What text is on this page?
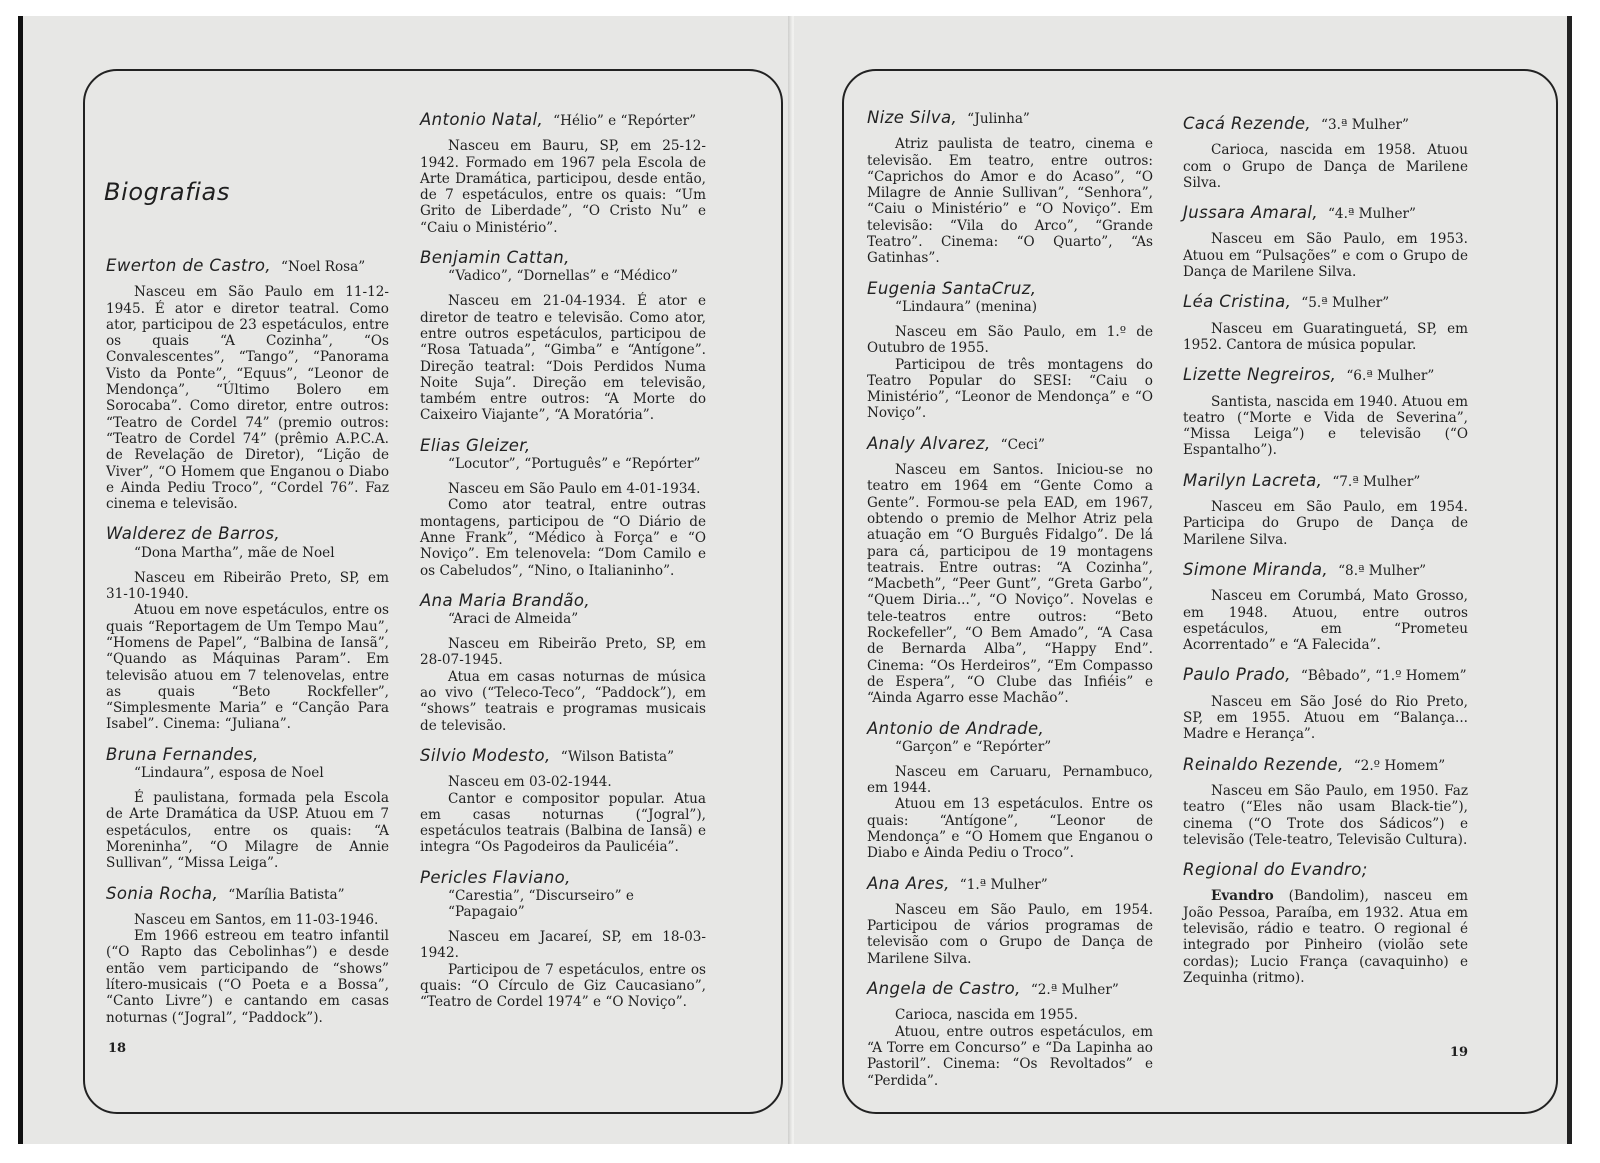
Biografias
Ewerton de Castro, “Noel Rosa”

Nasceu em São Paulo em 11-12-1945. É ator e diretor teatral. Como ator, participou de 23 espetáculos, entre os quais “A Cozinha”, “Os Convalescentes”, “Tango”, “Panorama Visto da Ponte”, “Equus”, “Leonor de Mendonça”, “Último Bolero em Sorocaba”. Como diretor, entre outros: “Teatro de Cordel 74” (premio outros: “Teatro de Cordel 74” (prêmio A.P.C.A. de Revelação de Diretor), “Lição de Viver”, “O Homem que Enganou o Diabo e Ainda Pediu Troco”, “Cordel 76”. Faz cinema e televisão.

Walderez de Barros,
“Dona Martha”, mãe de Noel

Nasceu em Ribeirão Preto, SP, em 31-10-1940.

Atuou em nove espetáculos, entre os quais “Reportagem de Um Tempo Mau”, “Homens de Papel”, “Balbina de Iansã”, “Quando as Máquinas Param”. Em televisão atuou em 7 telenovelas, entre as quais “Beto Rockfeller”, “Simplesmente Maria” e “Canção Para Isabel”. Cinema: “Juliana”.

Bruna Fernandes,
“Lindaura”, esposa de Noel

É paulistana, formada pela Escola de Arte Dramática da USP. Atuou em 7 espetáculos, entre os quais: “A Moreninha”, “O Milagre de Annie Sullivan”, “Missa Leiga”.

Sonia Rocha, “Marília Batista”

Nasceu em Santos, em 11-03-1946.

Em 1966 estreou em teatro infantil (“O Rapto das Cebolinhas”) e desde então vem participando de “shows” lítero-musicais (“O Poeta e a Bossa”, “Canto Livre”) e cantando em casas noturnas (“Jogral”, “Paddock”).

Antonio Natal, “Hélio” e “Repórter”

Nasceu em Bauru, SP, em 25-12-1942. Formado em 1967 pela Escola de Arte Dramática, participou, desde então, de 7 espetáculos, entre os quais: “Um Grito de Liberdade”, “O Cristo Nu” e “Caiu o Ministério”.

Benjamin Cattan,
“Vadico”, “Dornellas” e “Médico”

Nasceu em 21-04-1934. É ator e diretor de teatro e televisão. Como ator, entre outros espetáculos, participou de “Rosa Tatuada”, “Gimba” e “Antígone”. Direção teatral: “Dois Perdidos Numa Noite Suja”. Direção em televisão, também entre outros: “A Morte do Caixeiro Viajante”, “A Moratória”.

Elias Gleizer,
“Locutor”, “Português” e “Repórter”

Nasceu em São Paulo em 4-01-1934.

Como ator teatral, entre outras montagens, participou de “O Diário de Anne Frank”, “Médico à Força” e “O Noviço”. Em telenovela: “Dom Camilo e os Cabeludos”, “Nino, o Italianinho”.

Ana Maria Brandão,
“Araci de Almeida”

Nasceu em Ribeirão Preto, SP, em 28-07-1945.

Atua em casas noturnas de música ao vivo (“Teleco-Teco”, “Paddock”), em “shows” teatrais e programas musicais de televisão.

Silvio Modesto, “Wilson Batista”

Nasceu em 03-02-1944.

Cantor e compositor popular. Atua em casas noturnas (“Jogral”), espetáculos teatrais (Balbina de Iansã) e integra “Os Pagodeiros da Paulicéia”.

Pericles Flaviano,
“Carestia”, “Discurseiro” e “Papagaio”

Nasceu em Jacareí, SP, em 18-03-1942.

Participou de 7 espetáculos, entre os quais: “O Círculo de Giz Caucasiano”, “Teatro de Cordel 1974” e “O Noviço”.

Nize Silva, “Julinha”

Atriz paulista de teatro, cinema e televisão. Em teatro, entre outros: “Caprichos do Amor e do Acaso”, “O Milagre de Annie Sullivan”, “Senhora”, “Caiu o Ministério” e “O Noviço”. Em televisão: “Vila do Arco”, “Grande Teatro”. Cinema: “O Quarto”, “As Gatinhas”.

Eugenia SantaCruz,
“Lindaura” (menina)

Nasceu em São Paulo, em 1.º de Outubro de 1955.

Participou de três montagens do Teatro Popular do SESI: “Caiu o Ministério”, “Leonor de Mendonça” e “O Noviço”.

Analy Alvarez, “Ceci”

Nasceu em Santos. Iniciou-se no teatro em 1964 em “Gente Como a Gente”. Formou-se pela EAD, em 1967, obtendo o premio de Melhor Atriz pela atuação em “O Burguês Fidalgo”. De lá para cá, participou de 19 montagens teatrais. Entre outras: “A Cozinha”, “Macbeth”, “Peer Gunt”, “Greta Garbo”, “Quem Diria...”, “O Noviço”. Novelas e tele-teatros entre outros: “Beto Rockefeller”, “O Bem Amado”, “A Casa de Bernarda Alba”, “Happy End”. Cinema: “Os Herdeiros”, “Em Compasso de Espera”, “O Clube das Infiéis” e “Ainda Agarro esse Machão”.

Antonio de Andrade,
“Garçon” e “Repórter”

Nasceu em Caruaru, Pernambuco, em 1944.

Atuou em 13 espetáculos. Entre os quais: “Antígone”, “Leonor de Mendonça” e “O Homem que Enganou o Diabo e Ainda Pediu o Troco”.

Ana Ares, “1.ª Mulher”

Nasceu em São Paulo, em 1954. Participou de vários programas de televisão com o Grupo de Dança de Marilene Silva.

Angela de Castro, “2.ª Mulher”

Carioca, nascida em 1955.

Atuou, entre outros espetáculos, em “A Torre em Concurso” e “Da Lapinha ao Pastoril”. Cinema: “Os Revoltados” e “Perdida”.

Cacá Rezende, “3.ª Mulher”

Carioca, nascida em 1958. Atuou com o Grupo de Dança de Marilene Silva.

Jussara Amaral, “4.ª Mulher”

Nasceu em São Paulo, em 1953. Atuou em “Pulsações” e com o Grupo de Dança de Marilene Silva.

Léa Cristina, “5.ª Mulher”

Nasceu em Guaratinguetá, SP, em 1952. Cantora de música popular.

Lizette Negreiros, “6.ª Mulher”

Santista, nascida em 1940. Atuou em teatro (“Morte e Vida de Severina”, “Missa Leiga”) e televisão (“O Espantalho”).

Marilyn Lacreta, “7.ª Mulher”

Nasceu em São Paulo, em 1954. Participa do Grupo de Dança de Marilene Silva.

Simone Miranda, “8.ª Mulher”

Nasceu em Corumbá, Mato Grosso, em 1948. Atuou, entre outros espetáculos, em “Prometeu Acorrentado” e “A Falecida”.

Paulo Prado, “Bêbado”, “1.º Homem”

Nasceu em São José do Rio Preto, SP, em 1955. Atuou em “Balança... Madre e Herança”.

Reinaldo Rezende, “2.º Homem”

Nasceu em São Paulo, em 1950. Faz teatro (“Eles não usam Black-tie”), cinema (“O Trote dos Sádicos”) e televisão (Tele-teatro, Televisão Cultura).

Regional do Evandro;

Evandro (Bandolim), nasceu em João Pessoa, Paraíba, em 1932. Atua em televisão, rádio e teatro. O regional é integrado por Pinheiro (violão sete cordas); Lucio França (cavaquinho) e Zequinha (ritmo).

18	19
